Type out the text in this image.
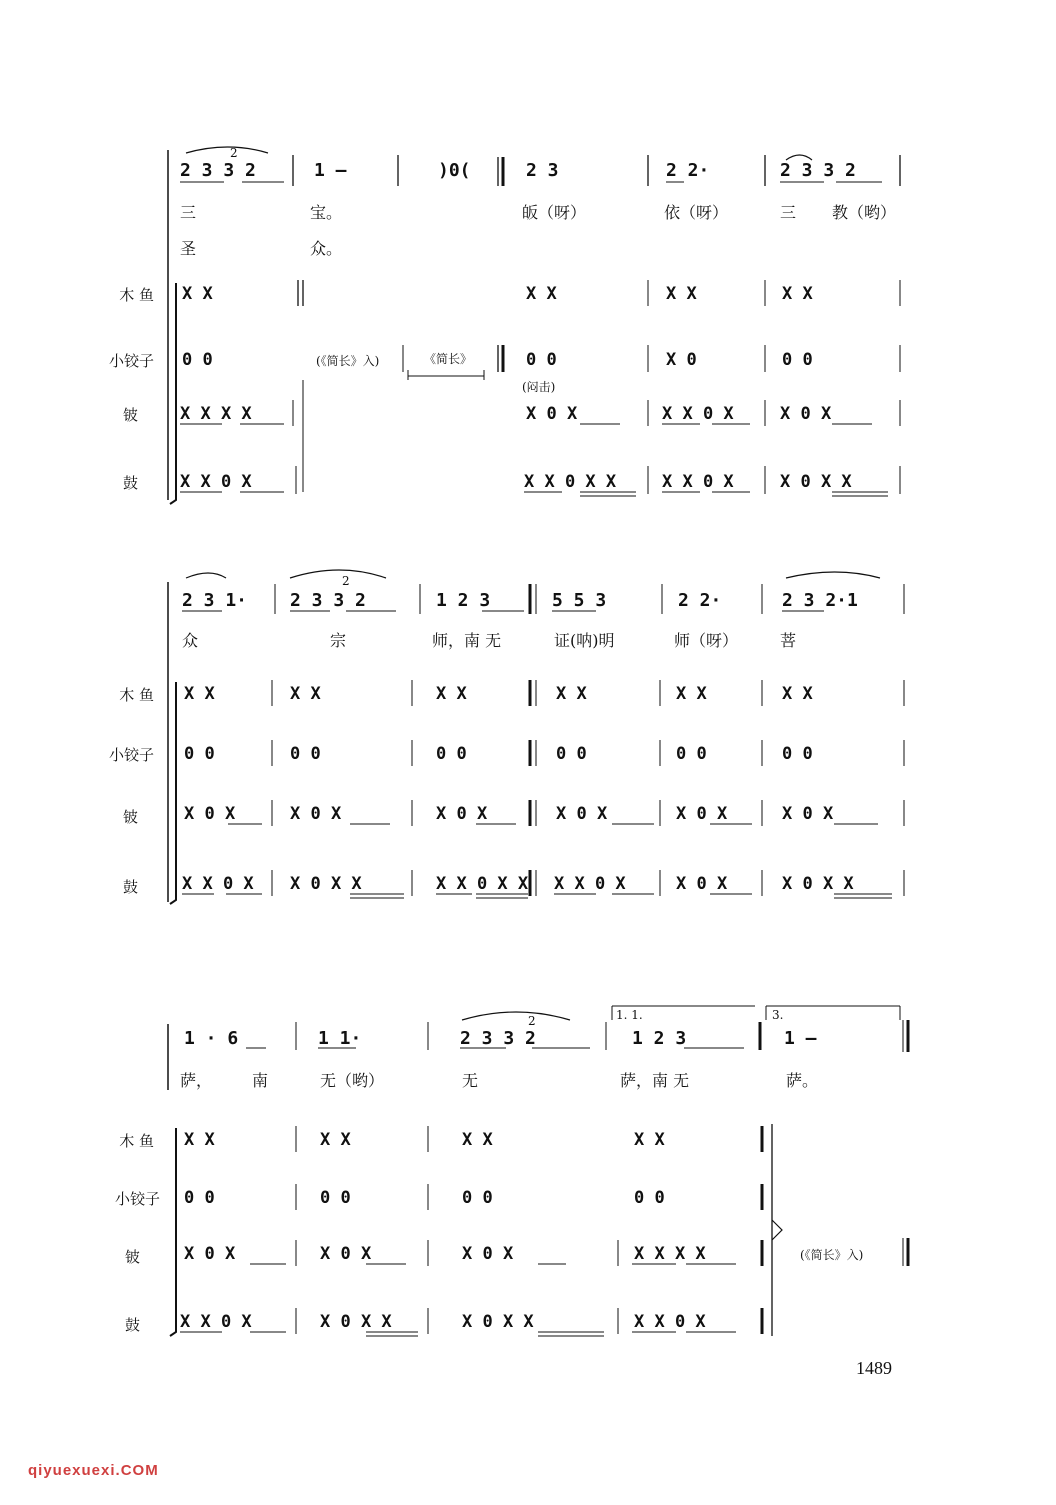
2
2 3 3 2	1 –	)0(	2 3	2 2·	2 3 3 2
三	宝。	皈（呀）	依（呀）	三 教（哟）
圣	众。
木 鱼
小铰子
铍
鼓
X X	X X	X X	X X
0 0	(《简长》入)	《简长》	0 0	X 0	0 0
(闷击)
X X X X	X 0 X	X X 0 X	X 0 X
X X 0 X	X X 0 X X	X X 0 X	X 0 X X
2
2 3 1· 2 3 3 2	1 2 3	5 5 3	2 2·	2 3 2·1
众	宗	师，南 无	证(呐)明	师（呀）	菩
木 鱼
小铰子
铍
鼓
X X	X X	X X	X X	X X	X X
0 0	0 0	0 0	0 0	0 0	0 0
X 0 X	X 0 X	X 0 X	X 0 X	X 0 X	X 0 X
X X 0 X X 0 X X	X X 0 X X X X 0 X	X 0 X	X 0 X X
1. 1.	3.
2
1 · 6	1 1·	2 3 3 2	1 2 3	1 –
萨， 南	无（哟）	无	萨，南 无	萨。
木 鱼
小铰子
铍
鼓
X X	X X	X X	X X
0 0	0 0	0 0	0 0
X 0 X	X 0 X	X 0 X	X X X X	(《简长》入)
X X 0 X	X 0 X X	X 0 X X	X X 0 X
1489
qiyuexuexi.COM
